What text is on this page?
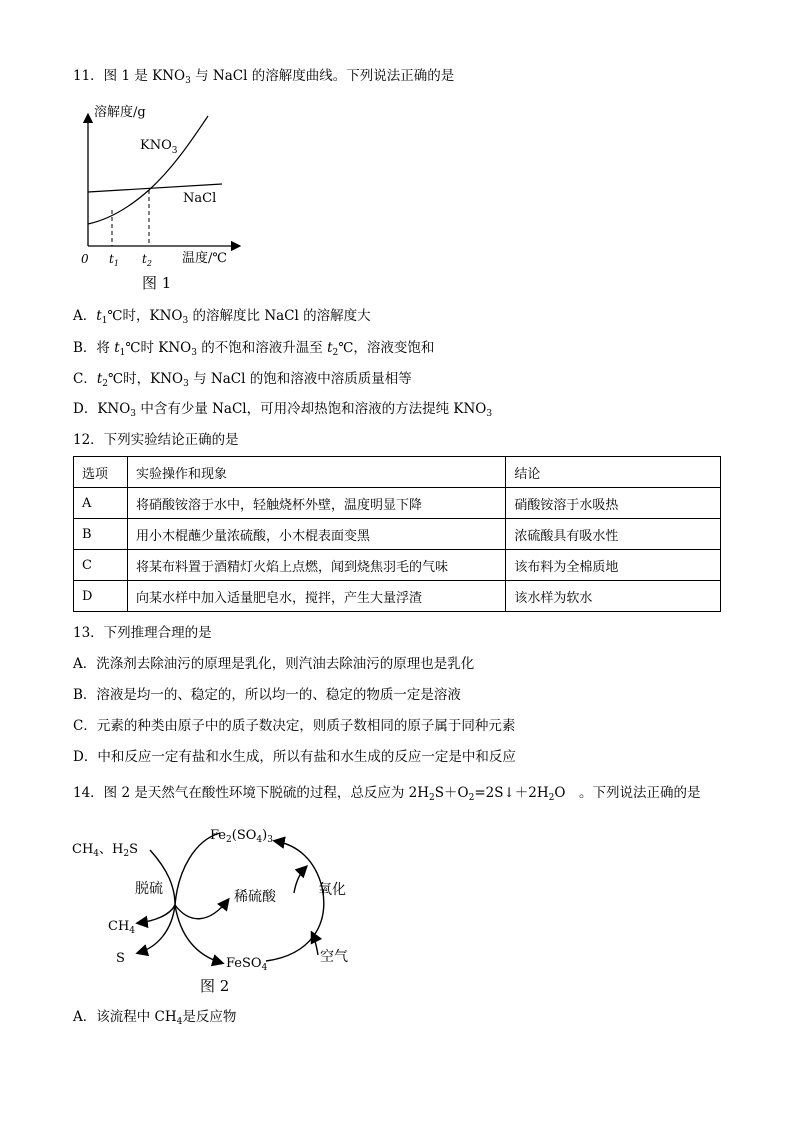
11．图 1 是 $KNO_3$ 与 NaCl 的溶解度曲线。下列说法正确的是
溶解度/g
$KNO_3$
NaCl
0 $t_1$ $t_2$ 温度/℃
图 1
A．$t_1℃$时，$KNO_3$ 的溶解度比 NaCl 的溶解度大
B．将 $t_1℃$时 $KNO_3$ 的不饱和溶液升温至 $t_2℃$，溶液变饱和
C．$t_2℃$时，$KNO_3$ 与 NaCl 的饱和溶液中溶质质量相等
D．$KNO_3$ 中含有少量 NaCl，可用冷却热饱和溶液的方法提纯 $KNO_3$
12．下列实验结论正确的是
选项	实验操作和现象	结论
A	将硝酸铵溶于水中，轻触烧杯外壁，温度明显下降	硝酸铵溶于水吸热
B	用小木棍蘸少量浓硫酸，小木棍表面变黑	浓硫酸具有吸水性
C	将某布料置于酒精灯火焰上点燃，闻到烧焦羽毛的气味	该布料为全棉质地
D	向某水样中加入适量肥皂水，搅拌，产生大量浮渣	该水样为软水
13．下列推理合理的是
A．洗涤剂去除油污的原理是乳化，则汽油去除油污的原理也是乳化
B．溶液是均一的、稳定的，所以均一的、稳定的物质一定是溶液
C．元素的种类由原子中的质子数决定，则质子数相同的原子属于同种元素
D．中和反应一定有盐和水生成，所以有盐和水生成的反应一定是中和反应
14．图 2 是天然气在酸性环境下脱硫的过程，总反应为 $2H_2S+O_2=2S↓+2H_2O$　。下列说法正确的是
$CH_4$、$H_2S$
$Fe_2(SO_4)_3$
脱硫	稀硫酸	氧化
$CH_4$
S	FeSO$_4$
空气
图 2
A．该流程中 $CH_4$是反应物
